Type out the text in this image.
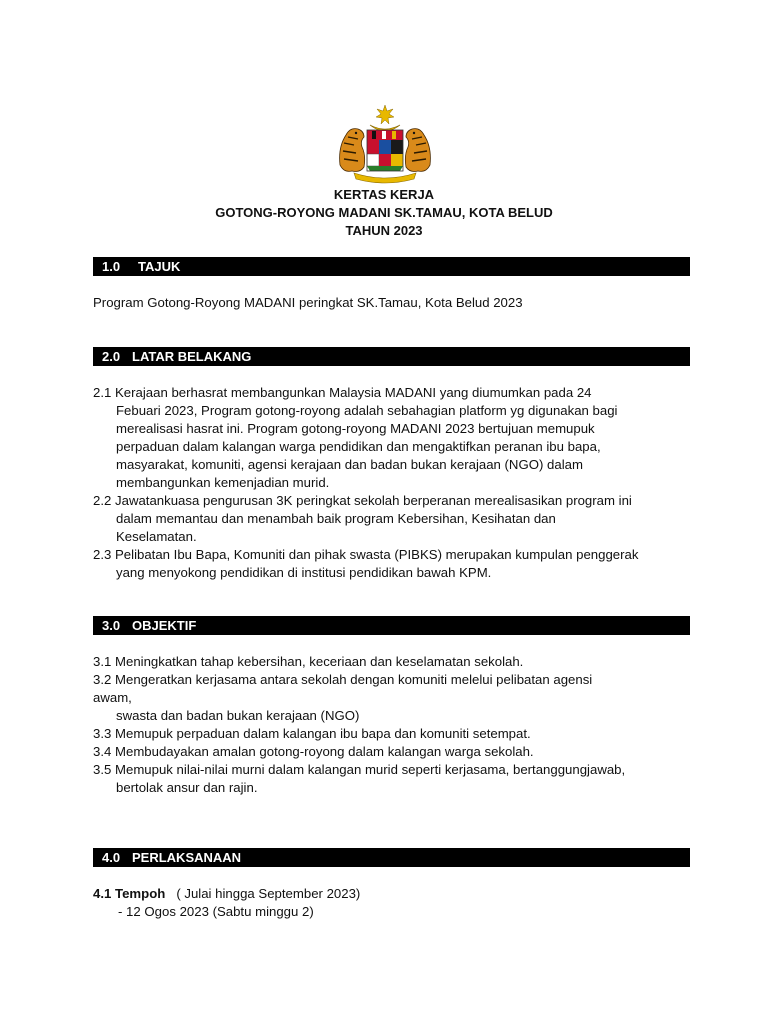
KERTAS KERJA
GOTONG-ROYONG MADANI SK.TAMAU, KOTA BELUD
TAHUN 2023
1.0 TAJUK
Program Gotong-Royong MADANI peringkat SK.Tamau, Kota Belud 2023
2.0 LATAR BELAKANG
2.1 Kerajaan berhasrat membangunkan Malaysia MADANI yang diumumkan pada 24
Febuari 2023, Program gotong-royong adalah sebahagian platform yg digunakan bagi
merealisasi hasrat ini. Program gotong-royong MADANI 2023 bertujuan memupuk
perpaduan dalam kalangan warga pendidikan dan mengaktifkan peranan ibu bapa,
masyarakat, komuniti, agensi kerajaan dan badan bukan kerajaan (NGO) dalam
membangunkan kemenjadian murid.
2.2 Jawatankuasa pengurusan 3K peringkat sekolah berperanan merealisasikan program ini
dalam memantau dan menambah baik program Kebersihan, Kesihatan dan
Keselamatan.
2.3 Pelibatan Ibu Bapa, Komuniti dan pihak swasta (PIBKS) merupakan kumpulan penggerak
yang menyokong pendidikan di institusi pendidikan bawah KPM.
3.0 OBJEKTIF
3.1 Meningkatkan tahap kebersihan, keceriaan dan keselamatan sekolah.
3.2 Mengeratkan kerjasama antara sekolah dengan komuniti melelui pelibatan agensi
awam,
swasta dan badan bukan kerajaan (NGO)
3.3 Memupuk perpaduan dalam kalangan ibu bapa dan komuniti setempat.
3.4 Membudayakan amalan gotong-royong dalam kalangan warga sekolah.
3.5 Memupuk nilai-nilai murni dalam kalangan murid seperti kerjasama, bertanggungjawab,
bertolak ansur dan rajin.
4.0 PERLAKSANAAN
4.1 Tempoh ( Julai hingga September 2023)
- 12 Ogos 2023 (Sabtu minggu 2)
